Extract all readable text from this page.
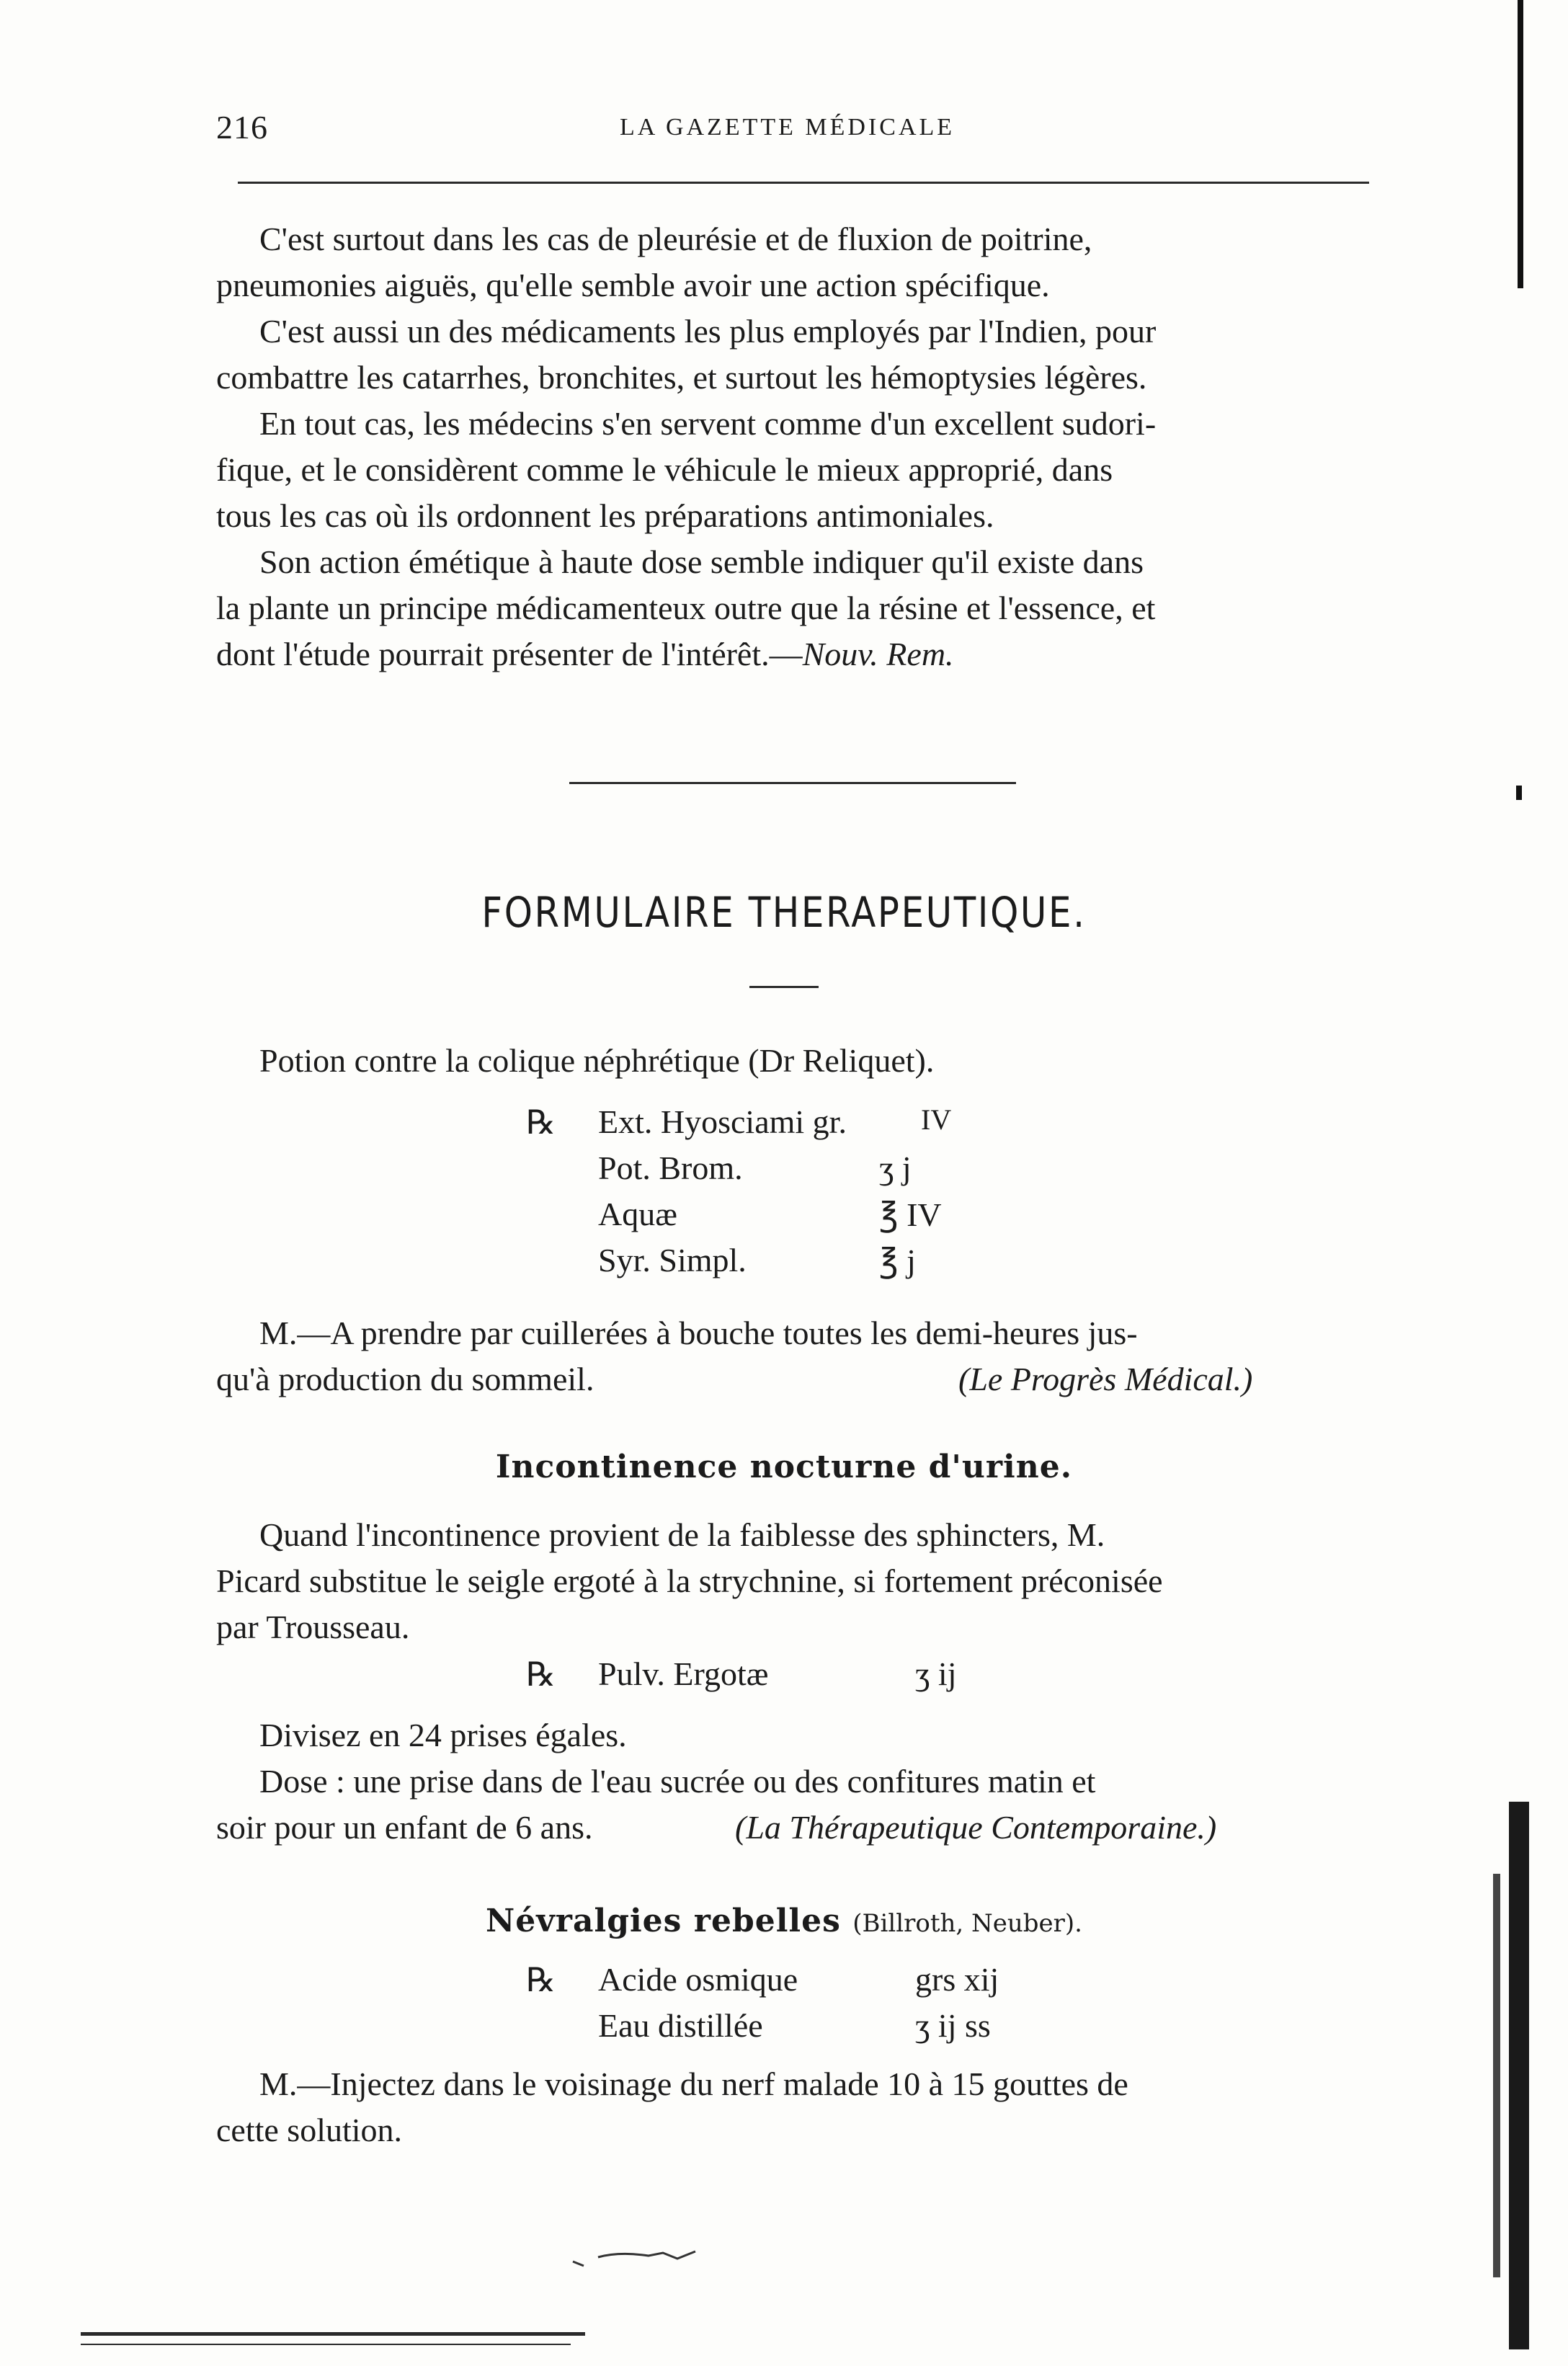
216	LA GAZETTE MÉDICALE
C'est surtout dans les cas de pleurésie et de fluxion de poitrine,
pneumonies aiguës, qu'elle semble avoir une action spécifique.
C'est aussi un des médicaments les plus employés par l'Indien, pour
combattre les catarrhes, bronchites, et surtout les hémoptysies légères.
En tout cas, les médecins s'en servent comme d'un excellent sudori-
fique, et le considèrent comme le véhicule le mieux approprié, dans
tous les cas où ils ordonnent les préparations antimoniales.
Son action émétique à haute dose semble indiquer qu'il existe dans
la plante un principe médicamenteux outre que la résine et l'essence, et
dont l'étude pourrait présenter de l'intérêt.—Nouv. Rem.
FORMULAIRE THERAPEUTIQUE.
Potion contre la colique néphrétique (Dr Reliquet).
℞ Ext. Hyosciami gr.	IV
Pot. Brom.	ʒ j
Aquæ	℥ IV
Syr. Simpl.	℥ j
M.—A prendre par cuillerées à bouche toutes les demi-heures jus-
qu'à production du sommeil.	(Le Progrès Médical.)
Incontinence nocturne d'urine.
Quand l'incontinence provient de la faiblesse des sphincters, M.
Picard substitue le seigle ergoté à la strychnine, si fortement préconisée
par Trousseau.
℞ Pulv. Ergotæ	ʒ ij
Divisez en 24 prises égales.
Dose : une prise dans de l'eau sucrée ou des confitures matin et
soir pour un enfant de 6 ans.	(La Thérapeutique Contemporaine.)
Névralgies rebelles (Billroth, Neuber).
℞ Acide osmique	grs xij
Eau distillée	ʒ ij ss
M.—Injectez dans le voisinage du nerf malade 10 à 15 gouttes de
cette solution.
